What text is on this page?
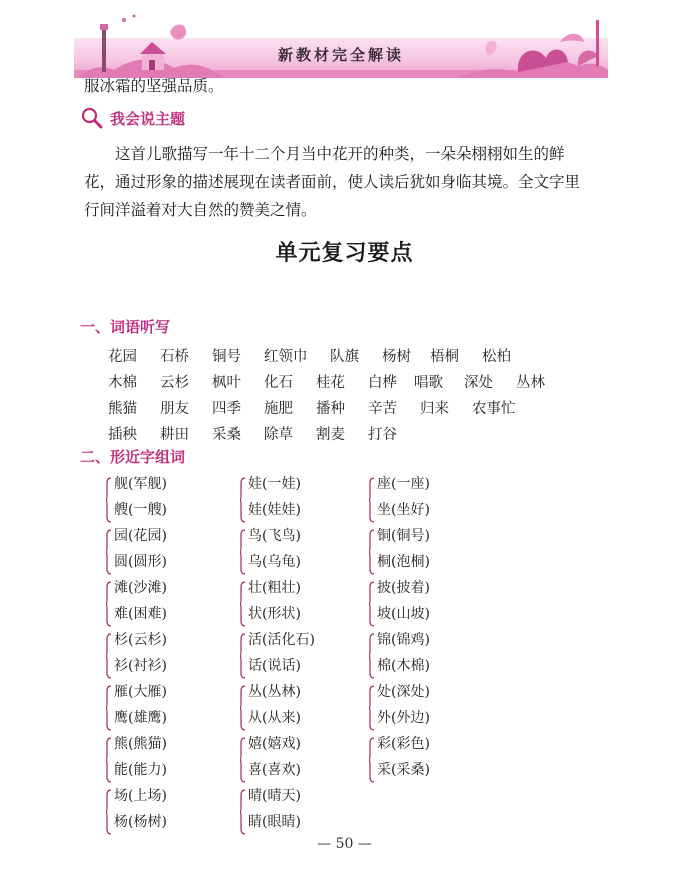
新教材完全解读

服冰霜的坚强品质。

我会说主题
这首儿歌描写一年十二个月当中花开的种类，一朵朵栩栩如生的鲜
花，通过形象的描述展现在读者面前，使人读后犹如身临其境。全文字里
行间洋溢着对大自然的赞美之情。
单元复习要点
一、词语听写
花园 石桥 铜号 红领巾 队旗 杨树 梧桐 松柏
木棉 云杉 枫叶 化石 桂花 白桦 唱歌 深处 丛林
熊猫 朋友 四季 施肥 播种 辛苦 归来 农事忙
插秧 耕田 采桑 除草 割麦 打谷
二、形近字组词
舰(军舰)
艘(一艘)
娃(一娃)
娃(娃娃)
座(一座)
坐(坐好)
园(花园)
圆(圆形)
鸟(飞鸟)
乌(乌龟)
铜(铜号)
桐(泡桐)
滩(沙滩)
难(困难)
壮(粗壮)
状(形状)
披(披着)
坡(山坡)
杉(云杉)
衫(衬衫)
活(活化石)
话(说话)
锦(锦鸡)
棉(木棉)
雁(大雁)
鹰(雄鹰)
丛(丛林)
从(从来)
处(深处)
外(外边)
熊(熊猫)
能(能力)
嬉(嬉戏)
喜(喜欢)
彩(彩色)
采(采桑)
场(上场)
杨(杨树)
晴(晴天)
睛(眼睛)
— 50 —
